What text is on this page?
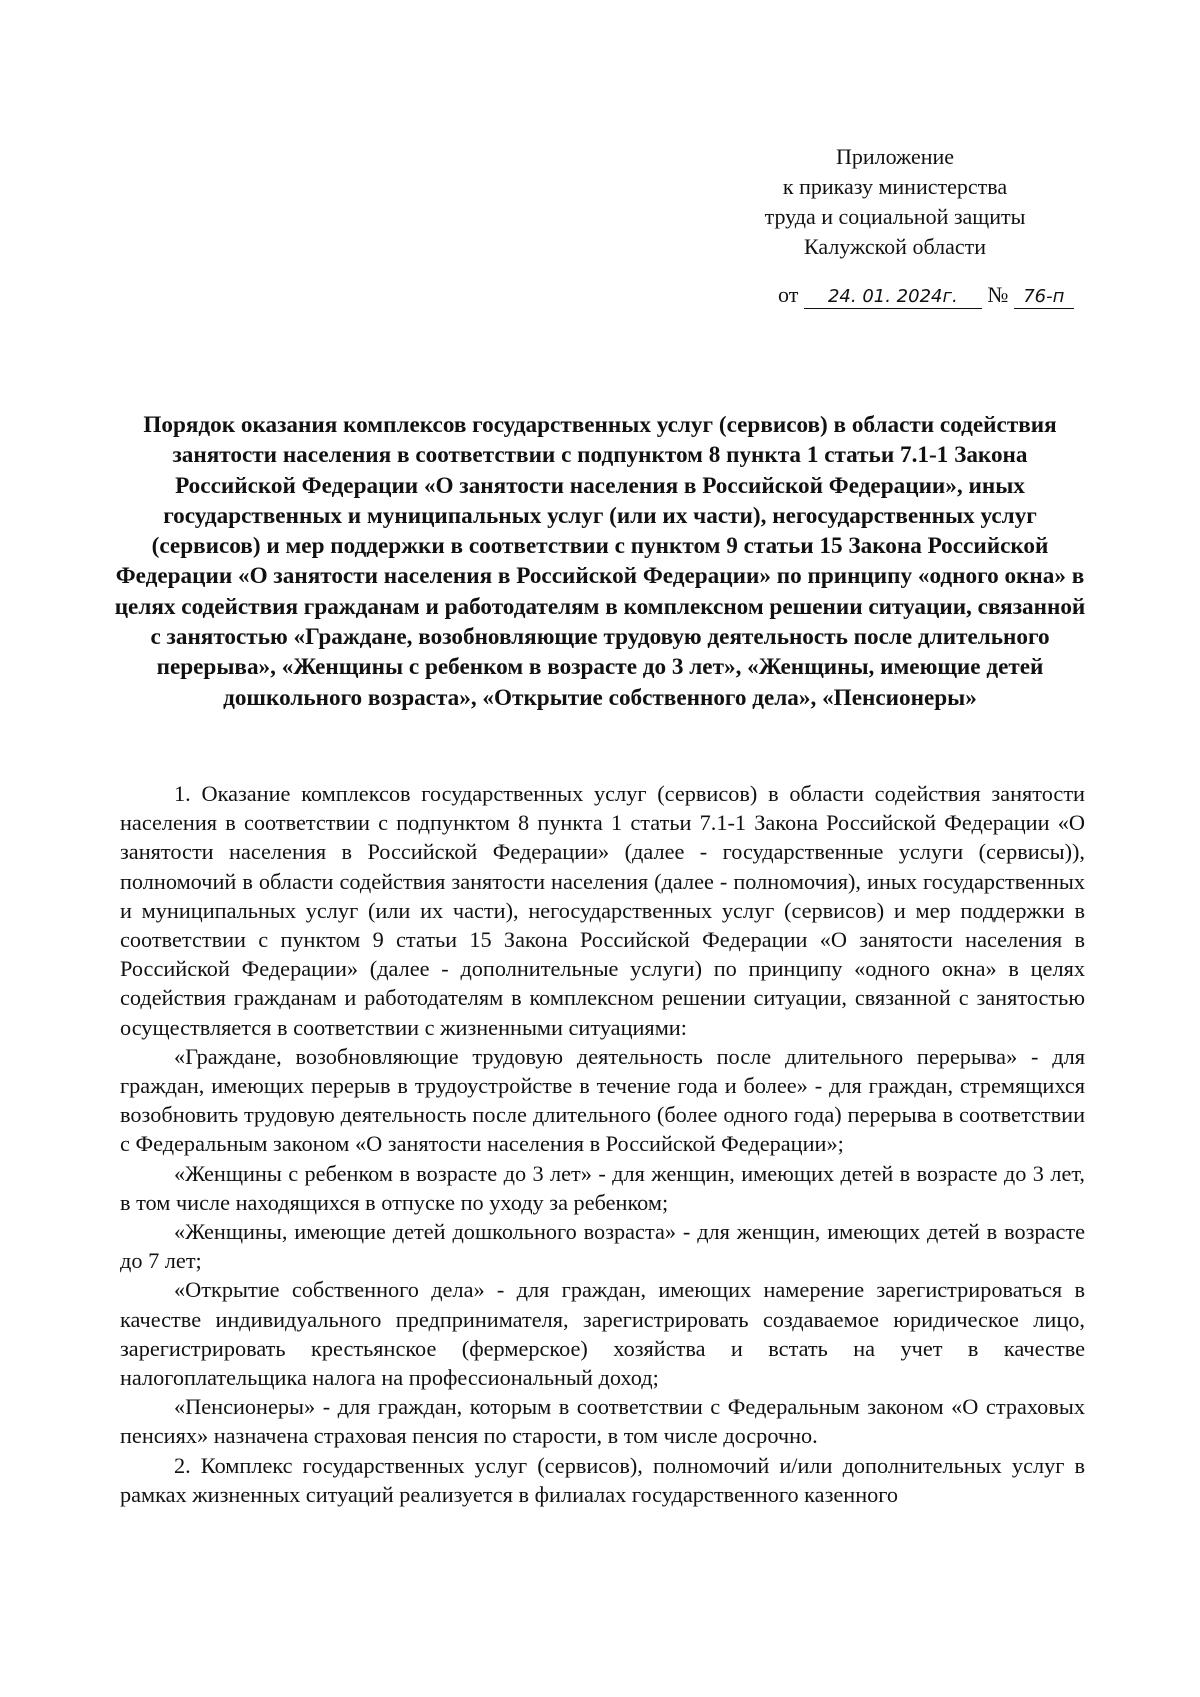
Приложение
к приказу министерства
труда и социальной защиты
Калужской области
от 24. 01. 2024г. № 76-п
Порядок оказания комплексов государственных услуг (сервисов) в области содействия занятости населения в соответствии с подпунктом 8 пункта 1 статьи 7.1-1 Закона Российской Федерации «О занятости населения в Российской Федерации», иных государственных и муниципальных услуг (или их части), негосударственных услуг (сервисов) и мер поддержки в соответствии с пунктом 9 статьи 15 Закона Российской Федерации «О занятости населения в Российской Федерации» по принципу «одного окна» в целях содействия гражданам и работодателям в комплексном решении ситуации, связанной с занятостью «Граждане, возобновляющие трудовую деятельность после длительного перерыва», «Женщины с ребенком в возрасте до 3 лет», «Женщины, имеющие детей дошкольного возраста», «Открытие собственного дела», «Пенсионеры»

1. Оказание комплексов государственных услуг (сервисов) в области содействия занятости населения в соответствии с подпунктом 8 пункта 1 статьи 7.1-1 Закона Российской Федерации «О занятости населения в Российской Федерации» (далее - государственные услуги (сервисы)), полномочий в области содействия занятости населения (далее - полномочия), иных государственных и муниципальных услуг (или их части), негосударственных услуг (сервисов) и мер поддержки в соответствии с пунктом 9 статьи 15 Закона Российской Федерации «О занятости населения в Российской Федерации» (далее - дополнительные услуги) по принципу «одного окна» в целях содействия гражданам и работодателям в комплексном решении ситуации, связанной с занятостью осуществляется в соответствии с жизненными ситуациями:

«Граждане, возобновляющие трудовую деятельность после длительного перерыва» - для граждан, имеющих перерыв в трудоустройстве в течение года и более» - для граждан, стремящихся возобновить трудовую деятельность после длительного (более одного года) перерыва в соответствии с Федеральным законом «О занятости населения в Российской Федерации»;

«Женщины с ребенком в возрасте до 3 лет» - для женщин, имеющих детей в возрасте до 3 лет, в том числе находящихся в отпуске по уходу за ребенком;

«Женщины, имеющие детей дошкольного возраста» - для женщин, имеющих детей в возрасте до 7 лет;

«Открытие собственного дела» - для граждан, имеющих намерение зарегистрироваться в качестве индивидуального предпринимателя, зарегистрировать создаваемое юридическое лицо, зарегистрировать крестьянское (фермерское) хозяйства и встать на учет в качестве налогоплательщика налога на профессиональный доход;

«Пенсионеры» - для граждан, которым в соответствии с Федеральным законом «О страховых пенсиях» назначена страховая пенсия по старости, в том числе досрочно.

2. Комплекс государственных услуг (сервисов), полномочий и/или дополнительных услуг в рамках жизненных ситуаций реализуется в филиалах государственного казенного
